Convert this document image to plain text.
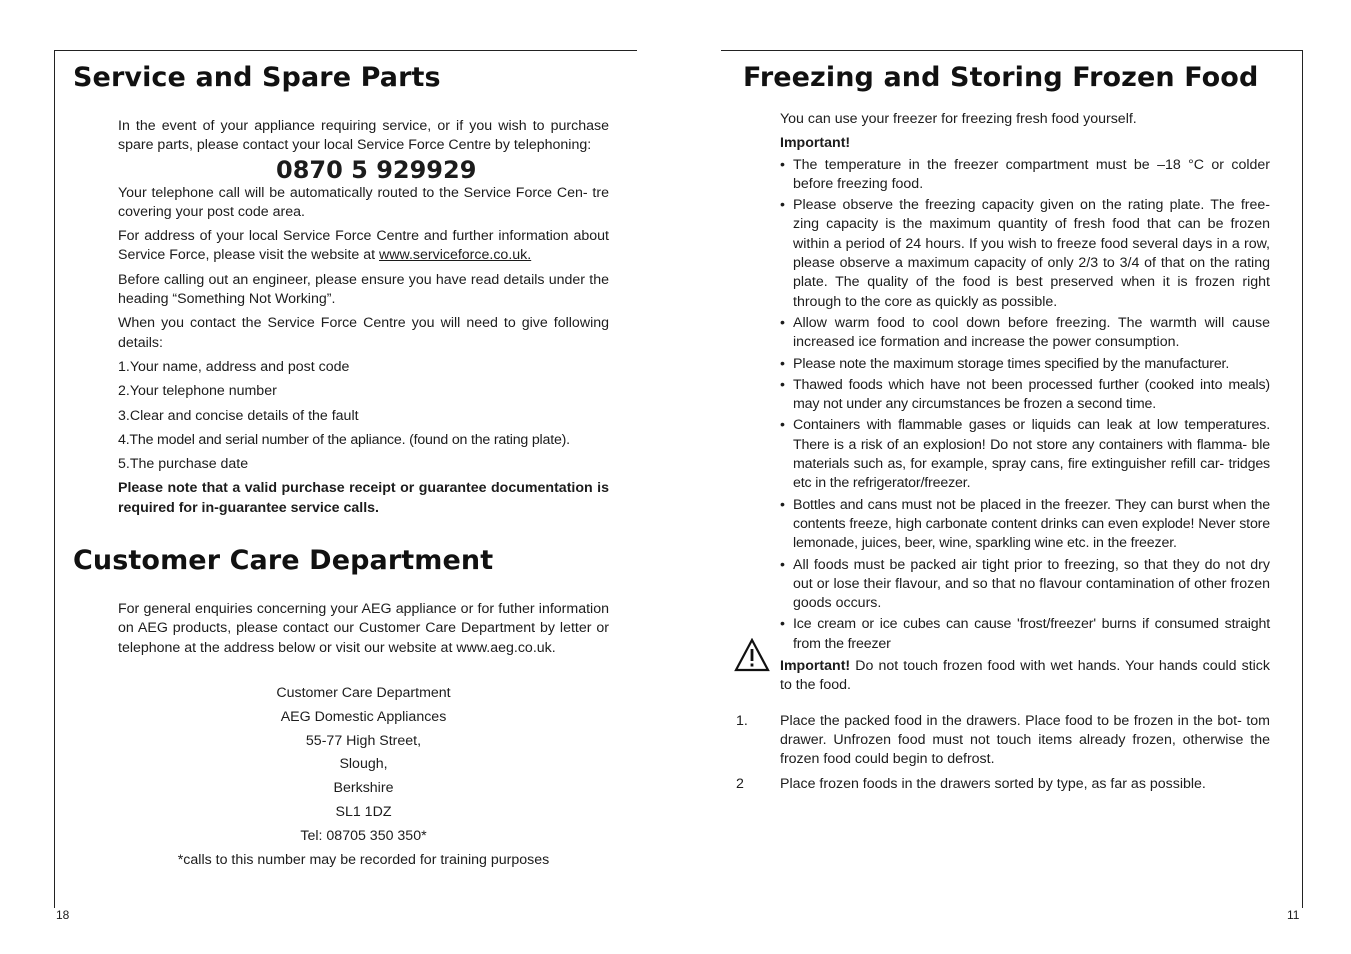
Service and Spare Parts

In the event of your appliance requiring service, or if you wish to purchase spare parts, please contact your local Service Force Centre by telephoning:

0870 5 929929

Your telephone call will be automatically routed to the Service Force Cen- tre covering your post code area.

For address of your local Service Force Centre and further information about Service Force, please visit the website at www.serviceforce.co.uk.

Before calling out an engineer, please ensure you have read details under the heading “Something Not Working”.

When you contact the Service Force Centre you will need to give following details:

1.Your name, address and post code
2.Your telephone number
3.Clear and concise details of the fault
4.The model and serial number of the apliance. (found on the rating plate).
5.The purchase date

Please note that a valid purchase receipt or guarantee documentation is required for in-guarantee service calls.

Customer Care Department

For general enquiries concerning your AEG appliance or for futher information on AEG products, please contact our Customer Care Department by letter or telephone at the address below or visit our website at www.aeg.co.uk.

Customer Care Department
AEG Domestic Appliances
55-77 High Street,
Slough,
Berkshire
SL1 1DZ
Tel: 08705 350 350*
*calls to this number may be recorded for training purposes
18
Freezing and Storing Frozen Food

You can use your freezer for freezing fresh food yourself.

Important!

• The temperature in the freezer compartment must be –18 °C or colder before freezing food.
• Please observe the freezing capacity given on the rating plate. The free- zing capacity is the maximum quantity of fresh food that can be frozen within a period of 24 hours. If you wish to freeze food several days in a row, please observe a maximum capacity of only 2/3 to 3/4 of that on the rating plate. The quality of the food is best preserved when it is frozen right through to the core as quickly as possible.
• Allow warm food to cool down before freezing. The warmth will cause increased ice formation and increase the power consumption.
• Please note the maximum storage times specified by the manufacturer.
• Thawed foods which have not been processed further (cooked into meals) may not under any circumstances be frozen a second time.
• Containers with flammable gases or liquids can leak at low temperatures. There is a risk of an explosion! Do not store any containers with flamma- ble materials such as, for example, spray cans, fire extinguisher refill car- tridges etc in the refrigerator/freezer.
• Bottles and cans must not be placed in the freezer. They can burst when the contents freeze, high carbonate content drinks can even explode! Never store lemonade, juices, beer, wine, sparkling wine etc. in the freezer.
• All foods must be packed air tight prior to freezing, so that they do not dry out or lose their flavour, and so that no flavour contamination of other frozen goods occurs.
• Ice cream or ice cubes can cause 'frost/freezer' burns if consumed straight from the freezer

Important! Do not touch frozen food with wet hands. Your hands could stick to the food.

1. Place the packed food in the drawers. Place food to be frozen in the bot- tom drawer. Unfrozen food must not touch items already frozen, otherwise the frozen food could begin to defrost.
2	Place frozen foods in the drawers sorted by type, as far as possible.
11
